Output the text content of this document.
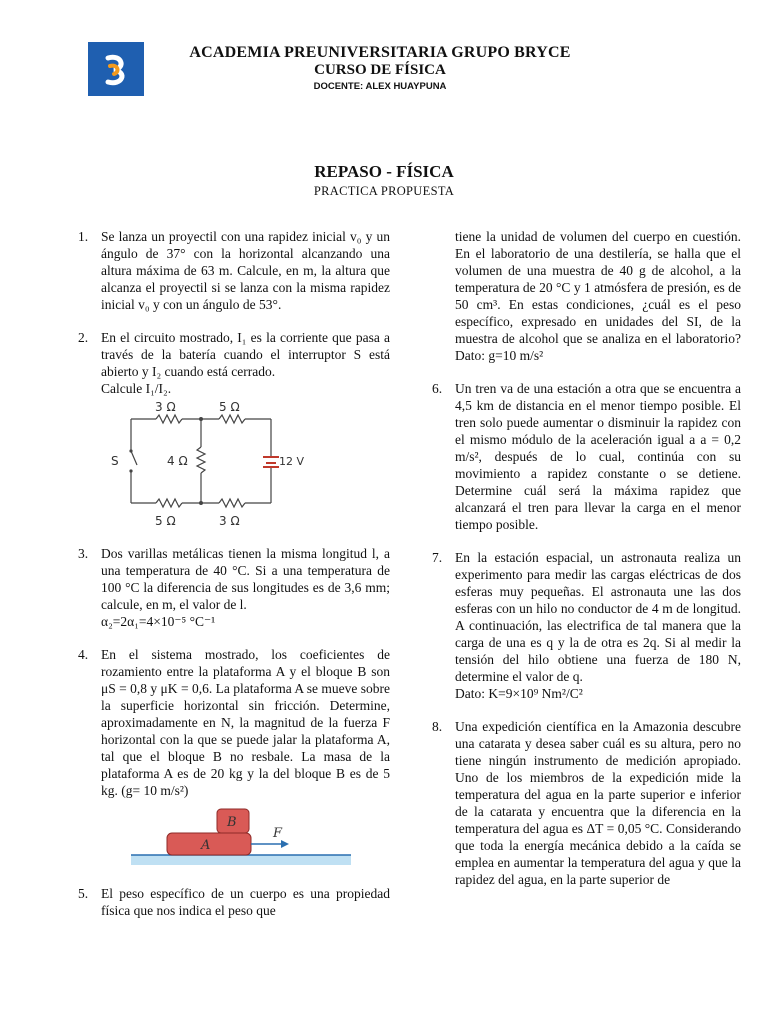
ACADEMIA PREUNIVERSITARIA GRUPO BRYCE
CURSO DE FÍSICA
DOCENTE: ALEX HUAYPUNA
REPASO - FÍSICA
PRACTICA PROPUESTA
1. Se lanza un proyectil con una rapidez inicial v₀ y un ángulo de 37° con la horizontal alcanzando una altura máxima de 63 m. Calcule, en m, la altura que alcanza el proyectil si se lanza con la misma rapidez inicial v₀ y con un ángulo de 53°.

2. En el circuito mostrado, I₁ es la corriente que pasa a través de la batería cuando el interruptor S está abierto y I₂ cuando está cerrado.

Calcule I₁/I₂.

3 Ω	5 Ω
4 Ω
5 Ω	3 Ω
S	12 V
3. Dos varillas metálicas tienen la misma longitud l, a una temperatura de 40 °C. Si a una temperatura de 100 °C la diferencia de sus longitudes es de 3,6 mm; calcule, en m, el valor de l.

α₂=2α₁=4×10⁻⁵ °C⁻¹

4. En el sistema mostrado, los coeficientes de rozamiento entre la plataforma A y el bloque B son μS = 0,8 y μK = 0,6. La plataforma A se mueve sobre la superficie horizontal sin fricción. Determine, aproximadamente en N, la magnitud de la fuerza F horizontal con la que se puede jalar la plataforma A, tal que el bloque B no resbale. La masa de la plataforma A es de 20 kg y la del bloque B es de 5 kg. (g= 10 m/s²)

A
B
F
5. El peso específico de un cuerpo es una propiedad física que nos indica el peso que

tiene la unidad de volumen del cuerpo en cuestión. En el laboratorio de una destilería, se halla que el volumen de una muestra de 40 g de alcohol, a la temperatura de 20 °C y 1 atmósfera de presión, es de 50 cm³. En estas condiciones, ¿cuál es el peso específico, expresado en unidades del SI, de la muestra de alcohol que se analiza en el laboratorio? Dato: g=10 m/s²

6. Un tren va de una estación a otra que se encuentra a 4,5 km de distancia en el menor tiempo posible. El tren solo puede aumentar o disminuir la rapidez con el mismo módulo de la aceleración igual a a = 0,2 m/s², después de lo cual, continúa con su movimiento a rapidez constante o se detiene. Determine cuál será la máxima rapidez que alcanzará el tren para llevar la carga en el menor tiempo posible.

7. En la estación espacial, un astronauta realiza un experimento para medir las cargas eléctricas de dos esferas muy pequeñas. El astronauta une las dos esferas con un hilo no conductor de 4 m de longitud. A continuación, las electrifica de tal manera que la carga de una es q y la de otra es 2q. Si al medir la tensión del hilo obtiene una fuerza de 180 N, determine el valor de q.

Dato: K=9×10⁹ Nm²/C²

8. Una expedición científica en la Amazonia descubre una catarata y desea saber cuál es su altura, pero no tiene ningún instrumento de medición apropiado. Uno de los miembros de la expedición mide la temperatura del agua en la parte superior e inferior de la catarata y encuentra que la diferencia en la temperatura del agua es ΔT = 0,05 °C. Considerando que toda la energía mecánica debido a la caída se emplea en aumentar la temperatura del agua y que la rapidez del agua, en la parte superior de
